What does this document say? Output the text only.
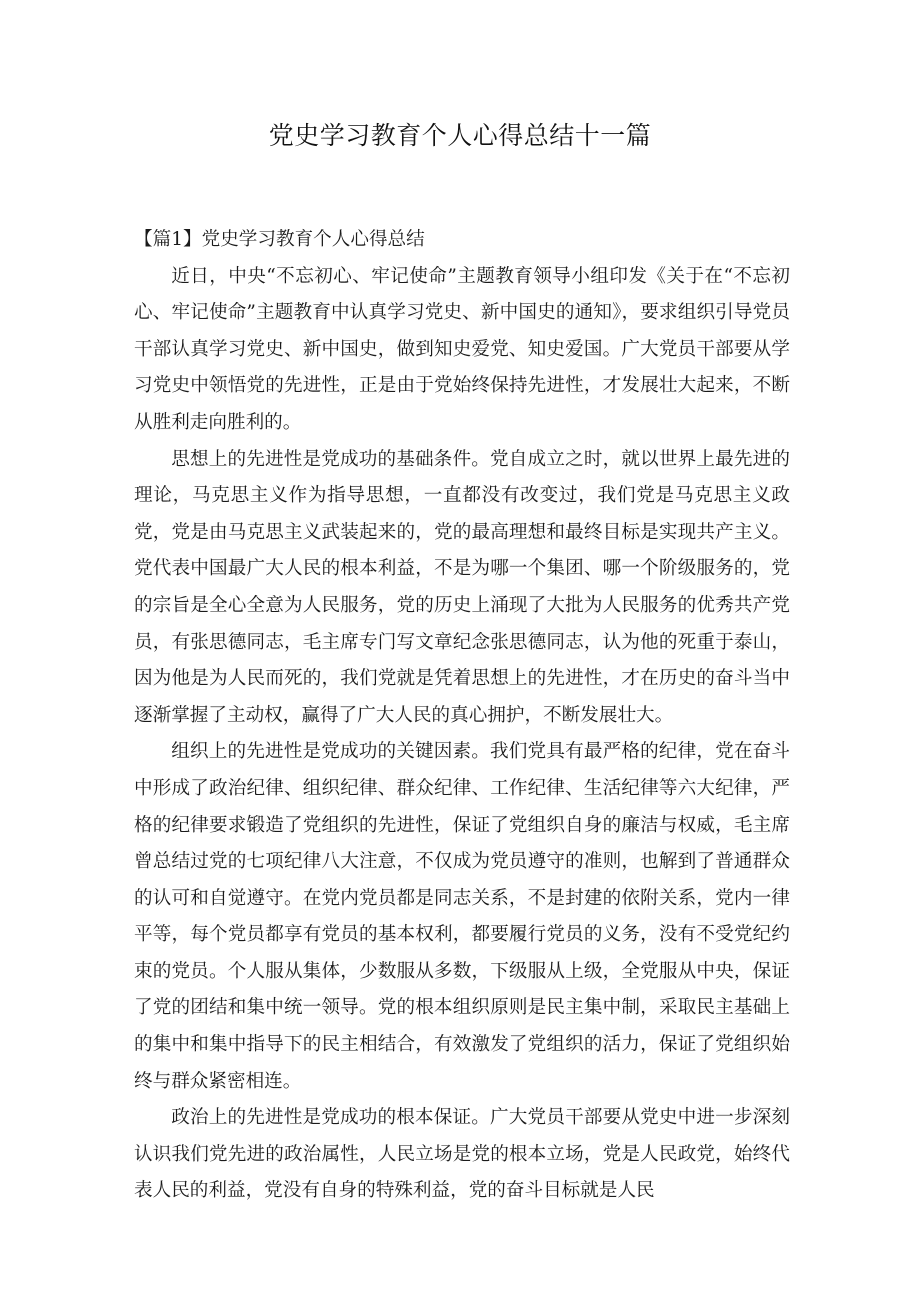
党史学习教育个人心得总结十一篇
【篇1】党史学习教育个人心得总结

近日，中央“不忘初心、牢记使命”主题教育领导小组印发《关于在“不忘初心、牢记使命”主题教育中认真学习党史、新中国史的通知》，要求组织引导党员干部认真学习党史、新中国史，做到知史爱党、知史爱国。广大党员干部要从学习党史中领悟党的先进性，正是由于党始终保持先进性，才发展壮大起来，不断从胜利走向胜利的。

思想上的先进性是党成功的基础条件。党自成立之时，就以世界上最先进的理论，马克思主义作为指导思想，一直都没有改变过，我们党是马克思主义政党，党是由马克思主义武装起来的，党的最高理想和最终目标是实现共产主义。党代表中国最广大人民的根本利益，不是为哪一个集团、哪一个阶级服务的，党的宗旨是全心全意为人民服务，党的历史上涌现了大批为人民服务的优秀共产党员，有张思德同志，毛主席专门写文章纪念张思德同志，认为他的死重于泰山，因为他是为人民而死的，我们党就是凭着思想上的先进性，才在历史的奋斗当中逐渐掌握了主动权，赢得了广大人民的真心拥护，不断发展壮大。

组织上的先进性是党成功的关键因素。我们党具有最严格的纪律，党在奋斗中形成了政治纪律、组织纪律、群众纪律、工作纪律、生活纪律等六大纪律，严格的纪律要求锻造了党组织的先进性，保证了党组织自身的廉洁与权威，毛主席曾总结过党的七项纪律八大注意，不仅成为党员遵守的准则，也解到了普通群众的认可和自觉遵守。在党内党员都是同志关系，不是封建的依附关系，党内一律平等，每个党员都享有党员的基本权利，都要履行党员的义务，没有不受党纪约束的党员。个人服从集体，少数服从多数，下级服从上级，全党服从中央，保证了党的团结和集中统一领导。党的根本组织原则是民主集中制，采取民主基础上的集中和集中指导下的民主相结合，有效激发了党组织的活力，保证了党组织始终与群众紧密相连。

政治上的先进性是党成功的根本保证。广大党员干部要从党史中进一步深刻认识我们党先进的政治属性，人民立场是党的根本立场，党是人民政党，始终代表人民的利益，党没有自身的特殊利益，党的奋斗目标就是人民
